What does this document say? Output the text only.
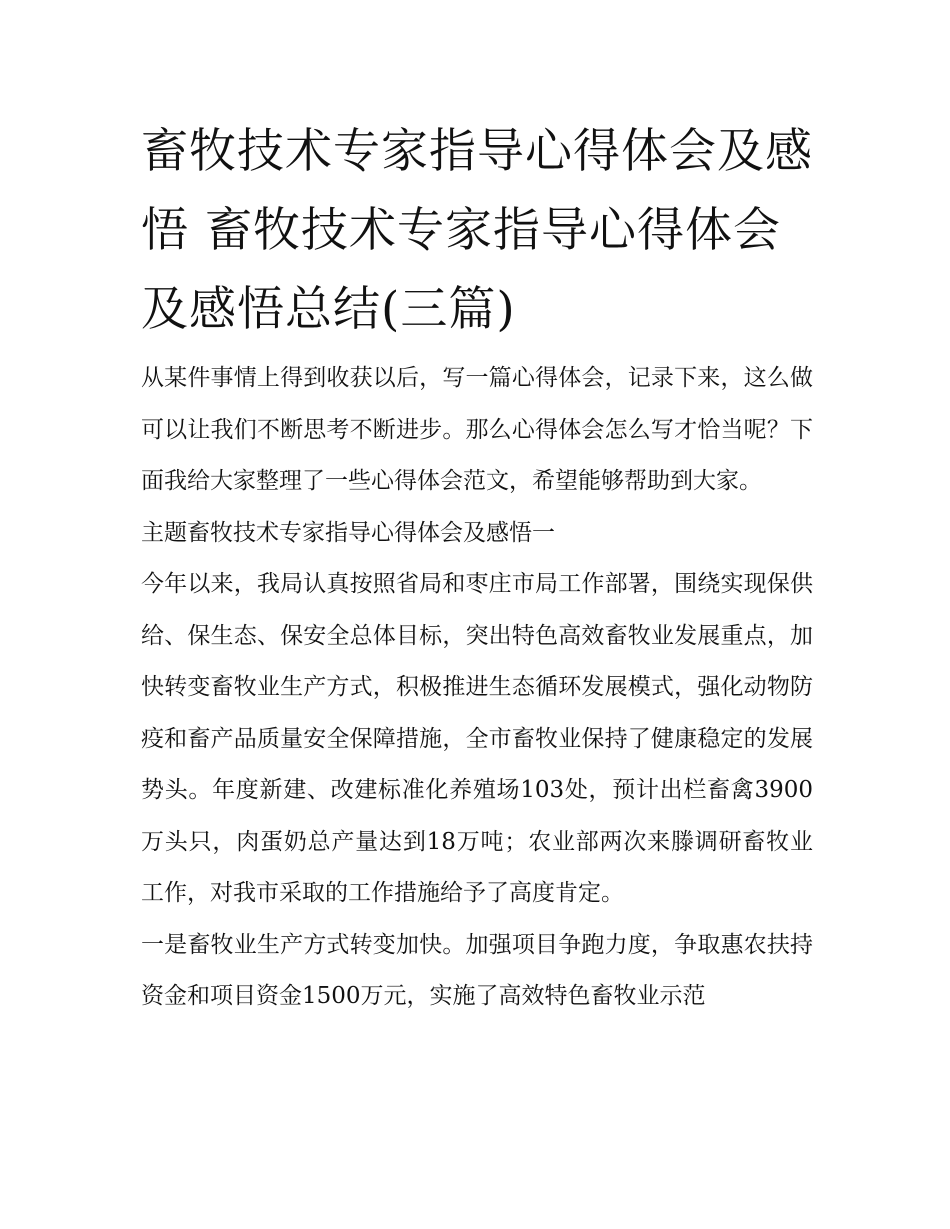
畜牧技术专家指导心得体会及感悟 畜牧技术专家指导心得体会及感悟总结(三篇)

从某件事情上得到收获以后，写一篇心得体会，记录下来，这么做可以让我们不断思考不断进步。那么心得体会怎么写才恰当呢？下面我给大家整理了一些心得体会范文，希望能够帮助到大家。

主题畜牧技术专家指导心得体会及感悟一

今年以来，我局认真按照省局和枣庄市局工作部署，围绕实现保供给、保生态、保安全总体目标，突出特色高效畜牧业发展重点，加快转变畜牧业生产方式，积极推进生态循环发展模式，强化动物防疫和畜产品质量安全保障措施，全市畜牧业保持了健康稳定的发展势头。年度新建、改建标准化养殖场103处，预计出栏畜禽3900万头只，肉蛋奶总产量达到18万吨；农业部两次来滕调研畜牧业工作，对我市采取的工作措施给予了高度肯定。

一是畜牧业生产方式转变加快。加强项目争跑力度，争取惠农扶持资金和项目资金1500万元，实施了高效特色畜牧业示范
